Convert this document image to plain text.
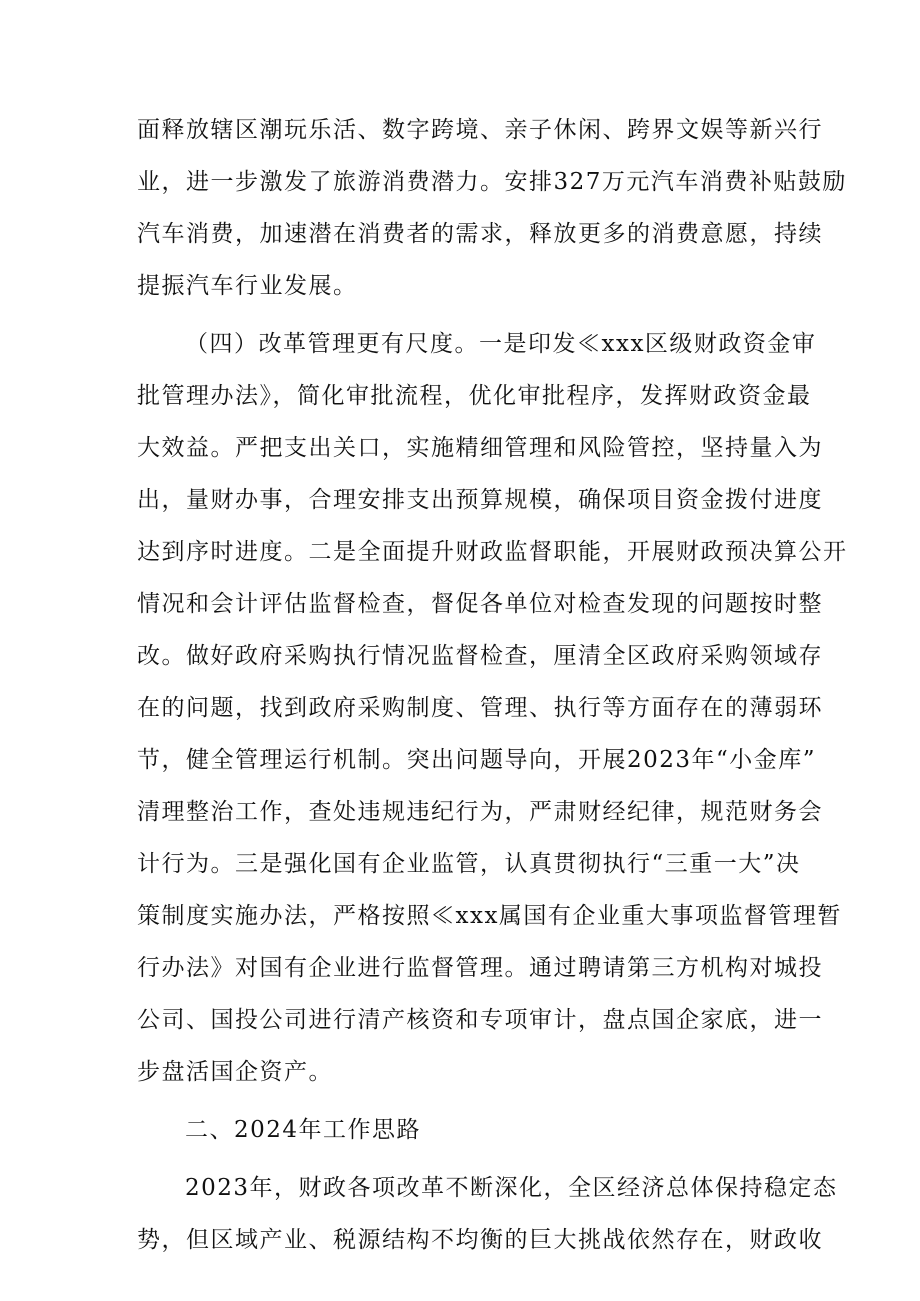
面释放辖区潮玩乐活、数字跨境、亲子休闲、跨界文娱等新兴行
业，进一步激发了旅游消费潜力。安排327万元汽车消费补贴鼓励
汽车消费，加速潜在消费者的需求，释放更多的消费意愿，持续
提振汽车行业发展。
（四）改革管理更有尺度。一是印发≪xxx区级财政资金审
批管理办法》，简化审批流程，优化审批程序，发挥财政资金最
大效益。严把支出关口，实施精细管理和风险管控，坚持量入为
出，量财办事，合理安排支出预算规模，确保项目资金拨付进度
达到序时进度。二是全面提升财政监督职能，开展财政预决算公开
情况和会计评估监督检查，督促各单位对检查发现的问题按时整
改。做好政府采购执行情况监督检查，厘清全区政府采购领域存
在的问题，找到政府采购制度、管理、执行等方面存在的薄弱环
节，健全管理运行机制。突出问题导向，开展2023年“小金库”
清理整治工作，查处违规违纪行为，严肃财经纪律，规范财务会
计行为。三是强化国有企业监管，认真贯彻执行“三重一大”决
策制度实施办法，严格按照≪xxx属国有企业重大事项监督管理暂
行办法》对国有企业进行监督管理。通过聘请第三方机构对城投
公司、国投公司进行清产核资和专项审计，盘点国企家底，进一
步盘活国企资产。
二、2024年工作思路
2023年，财政各项改革不断深化，全区经济总体保持稳定态
势，但区域产业、税源结构不均衡的巨大挑战依然存在，财政收
